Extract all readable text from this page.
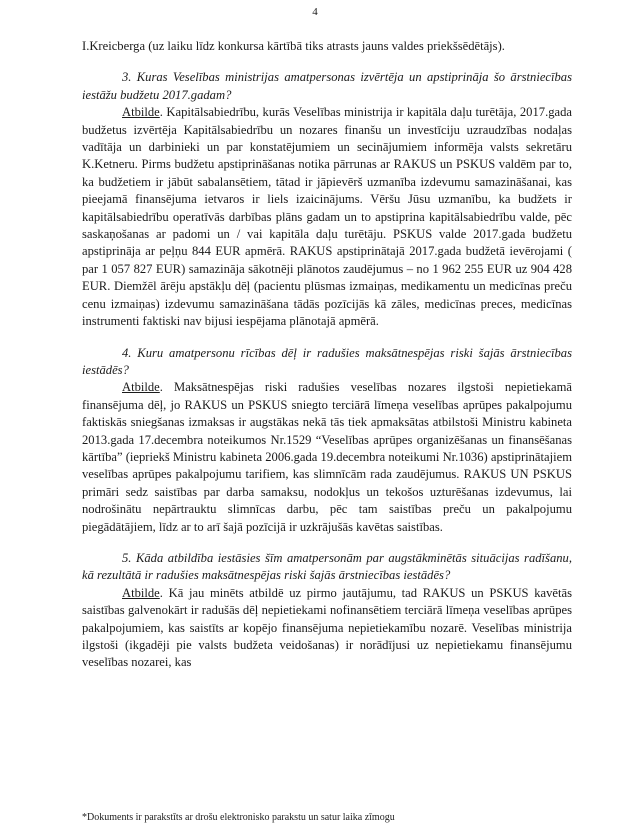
4

I.Kreicberga (uz laiku līdz konkursa kārtībā tiks atrasts jauns valdes priekšsēdētājs).

3. Kuras Veselības ministrijas amatpersonas izvērtēja un apstiprināja šo ārstniecības iestāžu budžetu 2017.gadam?

Atbilde. Kapitālsabiedrību, kurās Veselības ministrija ir kapitāla daļu turētāja, 2017.gada budžetus izvērtēja Kapitālsabiedrību un nozares finanšu un investīciju uzraudzības nodaļas vadītāja un darbinieki un par konstatējumiem un secinājumiem informēja valsts sekretāru K.Ketneru. Pirms budžetu apstiprināšanas notika pārrunas ar RAKUS un PSKUS valdēm par to, ka budžetiem ir jābūt sabalansētiem, tātad ir jāpievērš uzmanība izdevumu samazināšanai, kas pieejamā finansējuma ietvaros ir liels izaicinājums. Vēršu Jūsu uzmanību, ka budžets ir kapitālsabiedrību operatīvās darbības plāns gadam un to apstiprina kapitālsabiedrību valde, pēc saskaņošanas ar padomi un / vai kapitāla daļu turētāju. PSKUS valde 2017.gada budžetu apstiprināja ar peļņu 844 EUR apmērā. RAKUS apstiprinātajā 2017.gada budžetā ievērojami ( par 1 057 827 EUR) samazināja sākotnēji plānotos zaudējumus – no 1 962 255 EUR uz 904 428 EUR. Diemžēl ārēju apstākļu dēļ (pacientu plūsmas izmaiņas, medikamentu un medicīnas preču cenu izmaiņas) izdevumu samazināšana tādās pozīcijās kā zāles, medicīnas preces, medicīnas instrumenti faktiski nav bijusi iespējama plānotajā apmērā.

4. Kuru amatpersonu rīcības dēļ ir radušies maksātnespējas riski šajās ārstniecības iestādēs?

Atbilde. Maksātnespējas riski radušies veselības nozares ilgstoši nepietiekamā finansējuma dēļ, jo RAKUS un PSKUS sniegto terciārā līmeņa veselības aprūpes pakalpojumu faktiskās sniegšanas izmaksas ir augstākas nekā tās tiek apmaksātas atbilstoši Ministru kabineta 2013.gada 17.decembra noteikumos Nr.1529 “Veselības aprūpes organizēšanas un finansēšanas kārtība” (iepriekš Ministru kabineta 2006.gada 19.decembra noteikumi Nr.1036) apstiprinātajiem veselības aprūpes pakalpojumu tarifiem, kas slimnīcām rada zaudējumus. RAKUS UN PSKUS primāri sedz saistības par darba samaksu, nodokļus un tekošos uzturēšanas izdevumus, lai nodrošinātu nepārtrauktu slimnīcas darbu, pēc tam saistības preču un pakalpojumu piegādātājiem, līdz ar to arī šajā pozīcijā ir uzkrājušās kavētas saistības.

5. Kāda atbildība iestāsies šīm amatpersonām par augstākminētās situācijas radīšanu, kā rezultātā ir radušies maksātnespējas riski šajās ārstniecības iestādēs?

Atbilde. Kā jau minēts atbildē uz pirmo jautājumu, tad RAKUS un PSKUS kavētās saistības galvenokārt ir radušās dēļ nepietiekami nofinansētiem terciārā līmeņa veselības aprūpes pakalpojumiem, kas saistīts ar kopējo finansējuma nepietiekamību nozarē. Veselības ministrija ilgstoši (ikgadēji pie valsts budžeta veidošanas) ir norādījusi uz nepietiekamu finansējumu veselības nozarei, kas

*Dokuments ir parakstīts ar drošu elektronisko parakstu un satur laika zīmogu
